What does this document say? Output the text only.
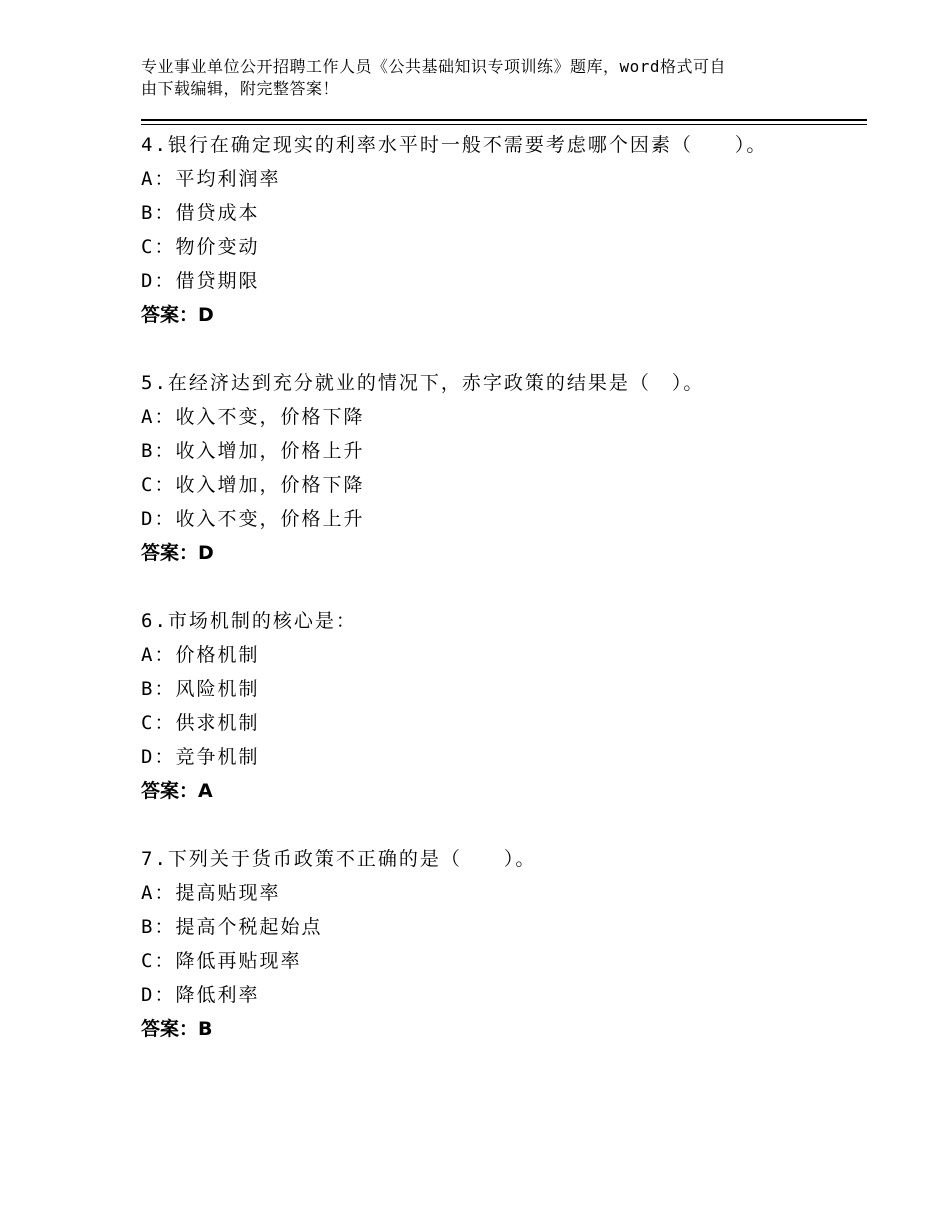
专业事业单位公开招聘工作人员《公共基础知识专项训练》题库，word格式可自
由下载编辑，附完整答案！
4.银行在确定现实的利率水平时一般不需要考虑哪个因素（　　）。
A：平均利润率
B：借贷成本
C：物价变动
D：借贷期限
答案：D
5.在经济达到充分就业的情况下，赤字政策的结果是（　）。
A：收入不变，价格下降
B：收入增加，价格上升
C：收入增加，价格下降
D：收入不变，价格上升
答案：D
6.市场机制的核心是：
A：价格机制
B：风险机制
C：供求机制
D：竞争机制
答案：A
7.下列关于货币政策不正确的是（　　）。
A：提高贴现率
B：提高个税起始点
C：降低再贴现率
D：降低利率
答案：B
